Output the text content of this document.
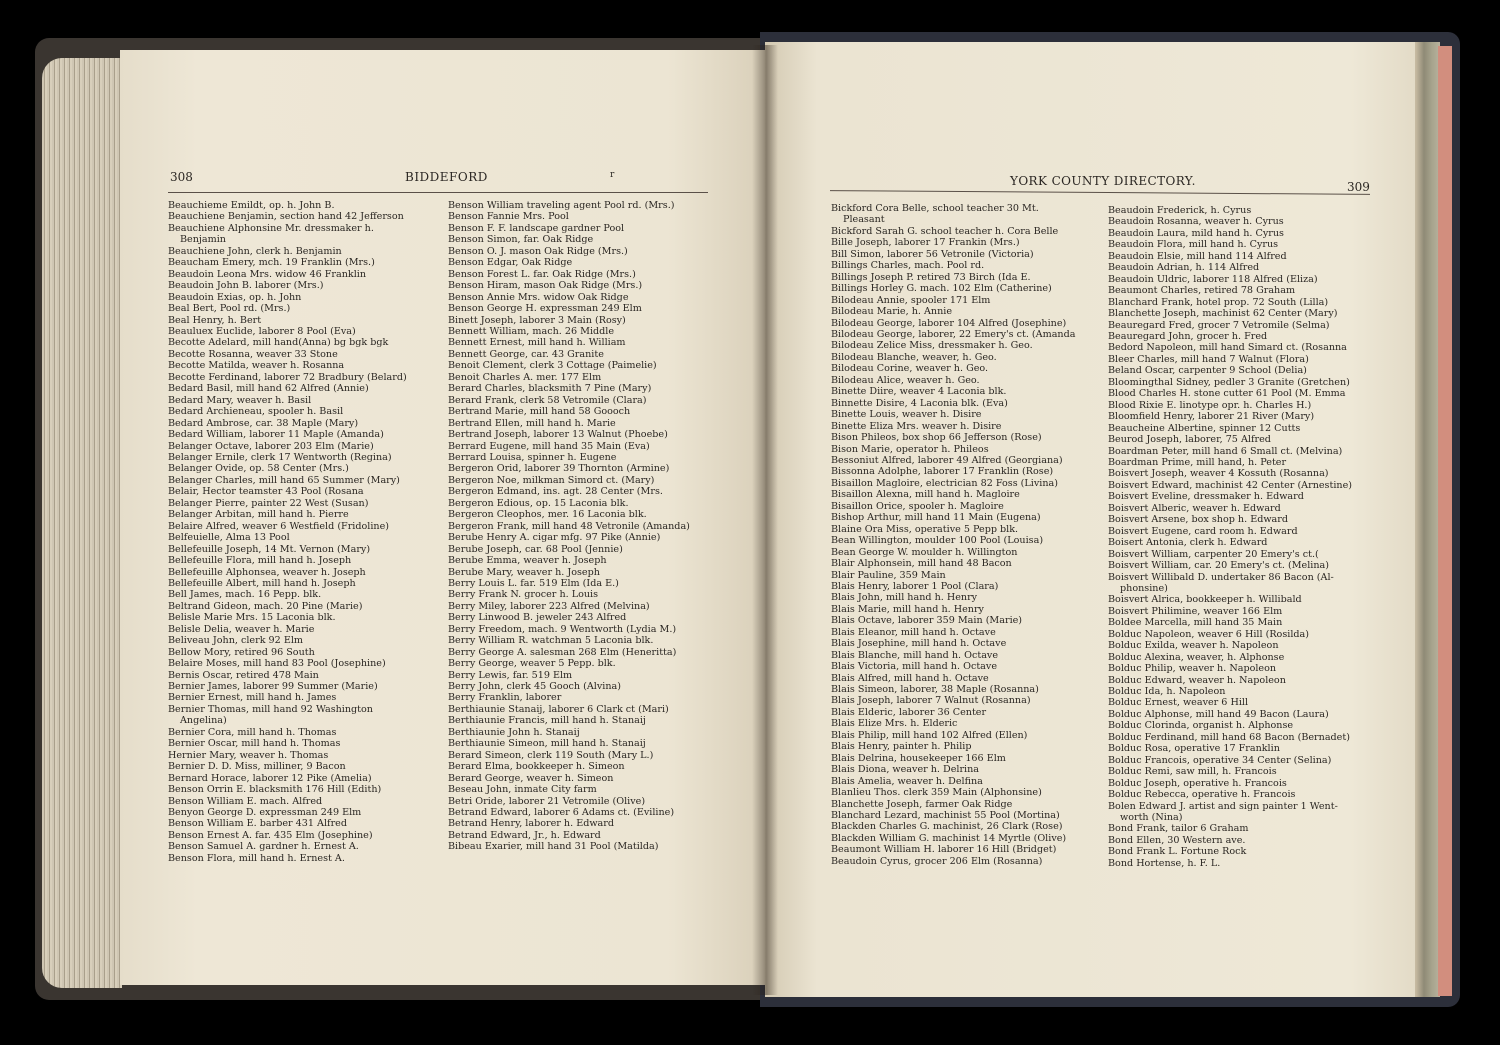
308	BIDDEFORD	r
Beauchieme Emildt, op. h. John B.
Beauchiene Benjamin, section hand 42 Jefferson
Beauchiene Alphonsine Mr. dressmaker h.
Benjamin
Beauchiene John, clerk h. Benjamin
Beaucham Emery, mch. 19 Franklin (Mrs.)
Beaudoin Leona Mrs. widow 46 Franklin
Beaudoin John B. laborer (Mrs.)
Beaudoin Exias, op. h. John
Beal Bert, Pool rd. (Mrs.)
Beal Henry, h. Bert
Beauluex Euclide, laborer 8 Pool (Eva)
Becotte Adelard, mill hand(Anna) bg bgk bgk
Becotte Rosanna, weaver 33 Stone
Becotte Matilda, weaver h. Rosanna
Becotte Ferdinand, laborer 72 Bradbury (Belard)
Bedard Basil, mill hand 62 Alfred (Annie)
Bedard Mary, weaver h. Basil
Bedard Archieneau, spooler h. Basil
Bedard Ambrose, car. 38 Maple (Mary)
Bedard William, laborer 11 Maple (Amanda)
Belanger Octave, laborer 203 Elm (Marie)
Belanger Ernile, clerk 17 Wentworth (Regina)
Belanger Ovide, op. 58 Center (Mrs.)
Belanger Charles, mill hand 65 Summer (Mary)
Belair, Hector teamster 43 Pool (Rosana
Belanger Pierre, painter 22 West (Susan)
Belanger Arbitan, mill hand h. Pierre
Belaire Alfred, weaver 6 Westfield (Fridoline)
Belfeuielle, Alma 13 Pool
Bellefeuille Joseph, 14 Mt. Vernon (Mary)
Bellefeuille Flora, mill hand h. Joseph
Bellefeuille Alphonsea, weaver h. Joseph
Bellefeuille Albert, mill hand h. Joseph
Bell James, mach. 16 Pepp. blk.
Beltrand Gideon, mach. 20 Pine (Marie)
Belisle Marie Mrs. 15 Laconia blk.
Belisle Delia, weaver h. Marie
Beliveau John, clerk 92 Elm
Bellow Mory, retired 96 South
Belaire Moses, mill hand 83 Pool (Josephine)
Bernis Oscar, retired 478 Main
Bernier James, laborer 99 Summer (Marie)
Bernier Ernest, mill hand h. James
Bernier Thomas, mill hand 92 Washington
Angelina)
Bernier Cora, mill hand h. Thomas
Bernier Oscar, mill hand h. Thomas
Hernier Mary, weaver h. Thomas
Bernier D. D. Miss, milliner, 9 Bacon
Bernard Horace, laborer 12 Pike (Amelia)
Benson Orrin E. blacksmith 176 Hill (Edith)
Benson William E. mach. Alfred
Benyon George D. expressman 249 Elm
Benson William E. barber 431 Alfred
Benson Ernest A. far. 435 Elm (Josephine)
Benson Samuel A. gardner h. Ernest A.
Benson Flora, mill hand h. Ernest A.
Benson William traveling agent Pool rd. (Mrs.)
Benson Fannie Mrs. Pool
Benson F. F. landscape gardner Pool
Benson Simon, far. Oak Ridge
Benson O. J. mason Oak Ridge (Mrs.)
Benson Edgar, Oak Ridge
Benson Forest L. far. Oak Ridge (Mrs.)
Benson Hiram, mason Oak Ridge (Mrs.)
Benson Annie Mrs. widow Oak Ridge
Benson George H. expressman 249 Elm
Binett Joseph, laborer 3 Main (Rosy)
Bennett William, mach. 26 Middle
Bennett Ernest, mill hand h. William
Bennett George, car. 43 Granite
Benoit Clement, clerk 3 Cottage (Paimelie)
Benoit Charles A. mer. 177 Elm
Berard Charles, blacksmith 7 Pine (Mary)
Berard Frank, clerk 58 Vetromile (Clara)
Bertrand Marie, mill hand 58 Goooch
Bertrand Ellen, mill hand h. Marie
Bertrand Joseph, laborer 13 Walnut (Phoebe)
Berrard Eugene, mill hand 35 Main (Eva)
Berrard Louisa, spinner h. Eugene
Bergeron Orid, laborer 39 Thornton (Armine)
Bergeron Noe, milkman Simord ct. (Mary)
Bergeron Edmand, ins. agt. 28 Center (Mrs.
Bergeron Edious, op. 15 Laconia blk.
Bergeron Cleophos, mer. 16 Laconia blk.
Bergeron Frank, mill hand 48 Vetronile (Amanda)
Berube Henry A. cigar mfg. 97 Pike (Annie)
Berube Joseph, car. 68 Pool (Jennie)
Berube Emma, weaver h. Joseph
Berube Mary, weaver h. Joseph
Berry Louis L. far. 519 Elm (Ida E.)
Berry Frank N. grocer h. Louis
Berry Miley, laborer 223 Alfred (Melvina)
Berry Linwood B. jeweler 243 Alfred
Berry Freedom, mach. 9 Wentworth (Lydia M.)
Berry William R. watchman 5 Laconia blk.
Berry George A. salesman 268 Elm (Heneritta)
Berry George, weaver 5 Pepp. blk.
Berry Lewis, far. 519 Elm
Berry John, clerk 45 Gooch (Alvina)
Berry Franklin, laborer
Berthiaunie Stanaij, laborer 6 Clark ct (Mari)
Berthiaunie Francis, mill hand h. Stanaij
Berthiaunie John h. Stanaij
Berthiaunie Simeon, mill hand h. Stanaij
Berard Simeon, clerk 119 South (Mary L.)
Berard Elma, bookkeeper h. Simeon
Berard George, weaver h. Simeon
Beseau John, inmate City farm
Betri Oride, laborer 21 Vetromile (Olive)
Betrand Edward, laborer 6 Adams ct. (Eviline)
Betrand Henry, laborer h. Edward
Betrand Edward, Jr., h. Edward
Bibeau Exarier, mill hand 31 Pool (Matilda)
YORK COUNTY DIRECTORY.	309
Bickford Cora Belle, school teacher 30 Mt.
Pleasant
Bickford Sarah G. school teacher h. Cora Belle
Bille Joseph, laborer 17 Frankin (Mrs.)
Bill Simon, laborer 56 Vetronile (Victoria)
Billings Charles, mach. Pool rd.
Billings Joseph P. retired 73 Birch (Ida E.
Billings Horley G. mach. 102 Elm (Catherine)
Bilodeau Annie, spooler 171 Elm
Bilodeau Marie, h. Annie
Bilodeau George, laborer 104 Alfred (Josephine)
Bilodeau George, laborer, 22 Emery's ct. (Amanda
Bilodeau Zelice Miss, dressmaker h. Geo.
Bilodeau Blanche, weaver, h. Geo.
Bilodeau Corine, weaver h. Geo.
Bilodeau Alice, weaver h. Geo.
Binette Diire, weaver 4 Laconia blk.
Binnette Disire, 4 Laconia blk. (Eva)
Binette Louis, weaver h. Disire
Binette Eliza Mrs. weaver h. Disire
Bison Phileos, box shop 66 Jefferson (Rose)
Bison Marie, operator h. Phileos
Bessoniut Alfred, laborer 49 Alfred (Georgiana)
Bissonna Adolphe, laborer 17 Franklin (Rose)
Bisaillon Magloire, electrician 82 Foss (Livina)
Bisaillon Alexna, mill hand h. Magloire
Bisaillon Orice, spooler h. Magloire
Bishop Arthur, mill hand 11 Main (Eugena)
Blaine Ora Miss, operative 5 Pepp blk.
Bean Willington, moulder 100 Pool (Louisa)
Bean George W. moulder h. Willington
Blair Alphonsein, mill hand 48 Bacon
Blair Pauline, 359 Main
Blais Henry, laborer 1 Pool (Clara)
Blais John, mill hand h. Henry
Blais Marie, mill hand h. Henry
Blais Octave, laborer 359 Main (Marie)
Blais Eleanor, mill hand h. Octave
Blais Josephine, mill hand h. Octave
Blais Blanche, mill hand h. Octave
Blais Victoria, mill hand h. Octave
Blais Alfred, mill hand h. Octave
Blais Simeon, laborer, 38 Maple (Rosanna)
Blais Joseph, laborer 7 Walnut (Rosanna)
Blais Elderic, laborer 36 Center
Blais Elize Mrs. h. Elderic
Blais Philip, mill hand 102 Alfred (Ellen)
Blais Henry, painter h. Philip
Blais Delrina, housekeeper 166 Elm
Blais Diona, weaver h. Delrina
Blais Amelia, weaver h. Delfina
Blanlieu Thos. clerk 359 Main (Alphonsine)
Blanchette Joseph, farmer Oak Ridge
Blanchard Lezard, machinist 55 Pool (Mortina)
Blackden Charles G. machinist, 26 Clark (Rose)
Blackden William G. machinist 14 Myrtle (Olive)
Beaumont William H. laborer 16 Hill (Bridget)
Beaudoin Cyrus, grocer 206 Elm (Rosanna)
Beaudoin Frederick, h. Cyrus
Beaudoin Rosanna, weaver h. Cyrus
Beaudoin Laura, mild hand h. Cyrus
Beaudoin Flora, mill hand h. Cyrus
Beaudoin Elsie, mill hand 114 Alfred
Beaudoin Adrian, h. 114 Alfred
Beaudoin Uldric, laborer 118 Alfred (Eliza)
Beaumont Charles, retired 78 Graham
Blanchard Frank, hotel prop. 72 South (Lilla)
Blanchette Joseph, machinist 62 Center (Mary)
Beauregard Fred, grocer 7 Vetromile (Selma)
Beauregard John, grocer h. Fred
Bedord Napoleon, mill hand Simard ct. (Rosanna
Bleer Charles, mill hand 7 Walnut (Flora)
Beland Oscar, carpenter 9 School (Delia)
Bloomingthal Sidney, pedler 3 Granite (Gretchen)
Blood Charles H. stone cutter 61 Pool (M. Emma
Blood Rixie E. linotype opr. h. Charles H.)
Bloomfield Henry, laborer 21 River (Mary)
Beaucheine Albertine, spinner 12 Cutts
Beurod Joseph, laborer, 75 Alfred
Boardman Peter, mill hand 6 Small ct. (Melvina)
Boardman Prime, mill hand, h. Peter
Boisvert Joseph, weaver 4 Kossuth (Rosanna)
Boisvert Edward, machinist 42 Center (Arnestine)
Boisvert Eveline, dressmaker h. Edward
Boisvert Alberic, weaver h. Edward
Boisvert Arsene, box shop h. Edward
Boisvert Eugene, card room h. Edward
Boisert Antonia, clerk h. Edward
Boisvert William, carpenter 20 Emery's ct.(
Boisvert William, car. 20 Emery's ct. (Melina)
Boisvert Willibald D. undertaker 86 Bacon (Al-
phonsine)
Boisvert Alrica, bookkeeper h. Willibald
Boisvert Philimine, weaver 166 Elm
Boldee Marcella, mill hand 35 Main
Bolduc Napoleon, weaver 6 Hill (Rosilda)
Bolduc Exilda, weaver h. Napoleon
Bolduc Alexina, weaver, h. Alphonse
Bolduc Philip, weaver h. Napoleon
Bolduc Edward, weaver h. Napoleon
Bolduc Ida, h. Napoleon
Bolduc Ernest, weaver 6 Hill
Bolduc Alphonse, mill hand 49 Bacon (Laura)
Bolduc Clorinda, organist h. Alphonse
Bolduc Ferdinand, mill hand 68 Bacon (Bernadet)
Bolduc Rosa, operative 17 Franklin
Bolduc Francois, operative 34 Center (Selina)
Bolduc Remi, saw mill, h. Francois
Bolduc Joseph, operative h. Francois
Bolduc Rebecca, operative h. Francois
Bolen Edward J. artist and sign painter 1 Went-
worth (Nina)
Bond Frank, tailor 6 Graham
Bond Ellen, 30 Western ave.
Bond Frank L. Fortune Rock
Bond Hortense, h. F. L.
